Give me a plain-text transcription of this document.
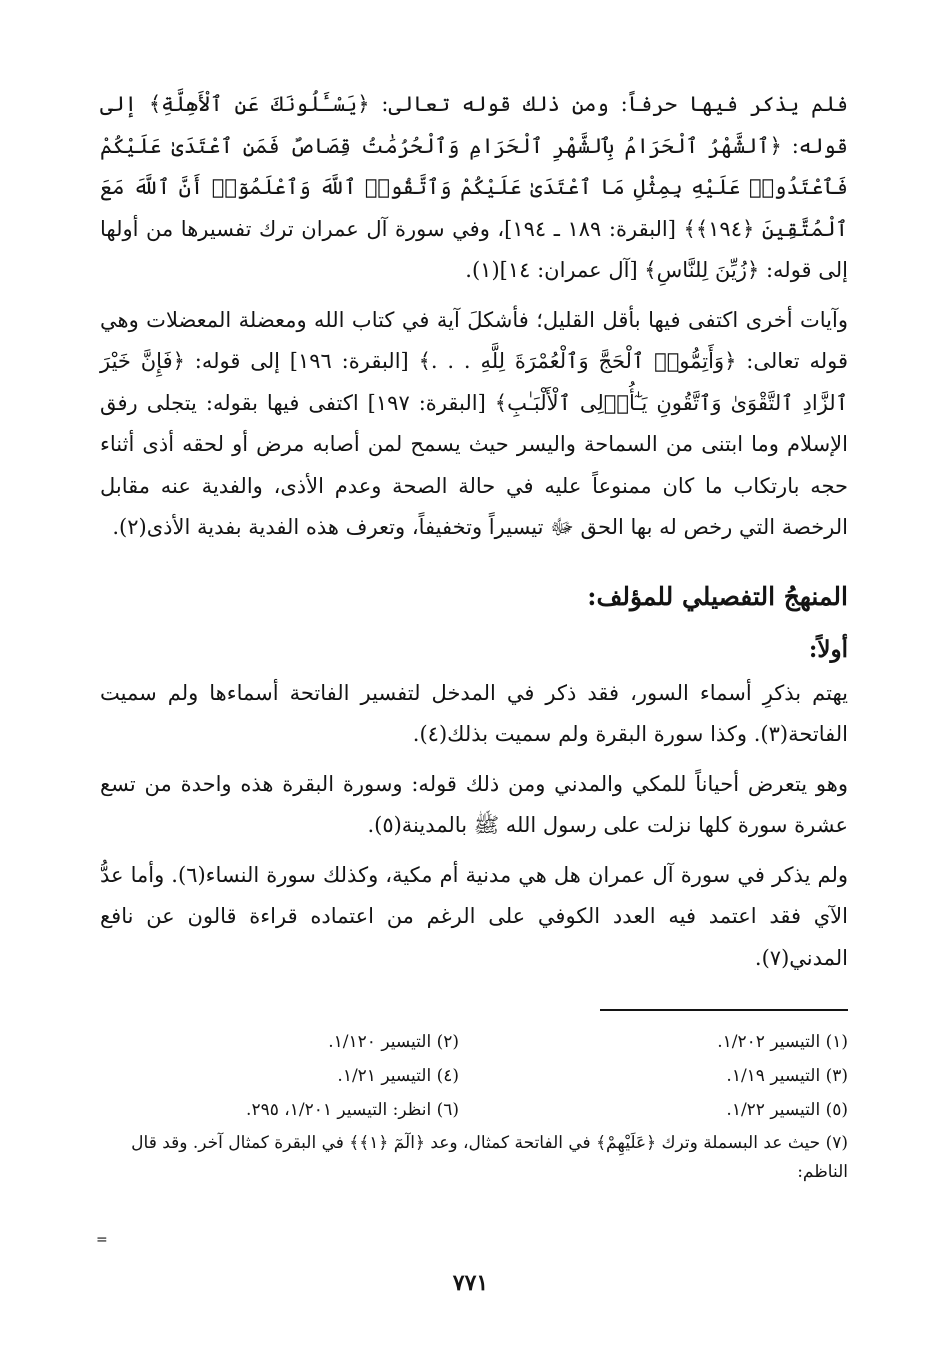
فلم يذكر فيها حرفاً: ومن ذلك قوله تعالى: ﴿يَسْـَٔلُونَكَ عَنِ ٱلْأَهِلَّةِ﴾ إلى قوله: ﴿ٱلشَّهْرُ ٱلْحَرَامُ بِٱلشَّهْرِ ٱلْحَرَامِ وَٱلْحُرُمَٰتُ قِصَاصٌ فَمَنِ ٱعْتَدَىٰ عَلَيْكُمْ فَٱعْتَدُوا۟ عَلَيْهِ بِمِثْلِ مَا ٱعْتَدَىٰ عَلَيْكُمْ وَٱتَّقُوا۟ ٱللَّهَ وَٱعْلَمُوٓا۟ أَنَّ ٱللَّهَ مَعَ ٱلْمُتَّقِينَ ﴿١٩٤﴾﴾ [البقرة: ١٨٩ ـ ١٩٤]، وفي سورة آل عمران ترك تفسيرها من أولها إلى قوله: ﴿زُيِّنَ لِلنَّاسِ﴾ [آل عمران: ١٤](١).

وآيات أخرى اكتفى فيها بأقل القليل؛ فأشكلَ آية في كتاب الله ومعضلة المعضلات وهي قوله تعالى: ﴿وَأَتِمُّوا۟ ٱلْحَجَّ وَٱلْعُمْرَةَ لِلَّهِ . . .﴾ [البقرة: ١٩٦] إلى قوله: ﴿فَإِنَّ خَيْرَ ٱلزَّادِ ٱلتَّقْوَىٰ وَٱتَّقُونِ يَـٰٓأُو۟لِى ٱلْأَلْبَـٰبِ﴾ [البقرة: ١٩٧] اكتفى فيها بقوله: يتجلى رفق الإسلام وما ابتنى من السماحة واليسر حيث يسمح لمن أصابه مرض أو لحقه أذى أثناء حجه بارتكاب ما كان ممنوعاً عليه في حالة الصحة وعدم الأذى، والفدية عنه مقابل الرخصة التي رخص له بها الحق ﷻ تيسيراً وتخفيفاً، وتعرف هذه الفدية بفدية الأذى(٢).

المنهجُ التفصيلي للمؤلف:
أولاً:

يهتم بذكرِ أسماء السور، فقد ذكر في المدخل لتفسير الفاتحة أسماءها ولم سميت الفاتحة(٣). وكذا سورة البقرة ولم سميت بذلك(٤).

وهو يتعرض أحياناً للمكي والمدني ومن ذلك قوله: وسورة البقرة هذه واحدة من تسع عشرة سورة كلها نزلت على رسول الله ﷺ بالمدينة(٥).

ولم يذكر في سورة آل عمران هل هي مدنية أم مكية، وكذلك سورة النساء(٦). وأما عدُّ الآي فقد اعتمد فيه العدد الكوفي على الرغم من اعتماده قراءة قالون عن نافع المدني(٧).

(١) التيسير ١/٢٠٢.
(٢) التيسير ١/١٢٠.
(٣) التيسير ١/١٩.
(٤) التيسير ١/٢١.
(٥) التيسير ١/٢٢.
(٦) انظر: التيسير ١/٢٠١، ٢٩٥.
(٧) حيث عد البسملة وترك ﴿عَلَيْهِمْ﴾ في الفاتحة كمثال، وعد ﴿الٓمٓ ﴿١﴾﴾ في البقرة كمثال آخر. وقد قال الناظم:
=
٧٧١
